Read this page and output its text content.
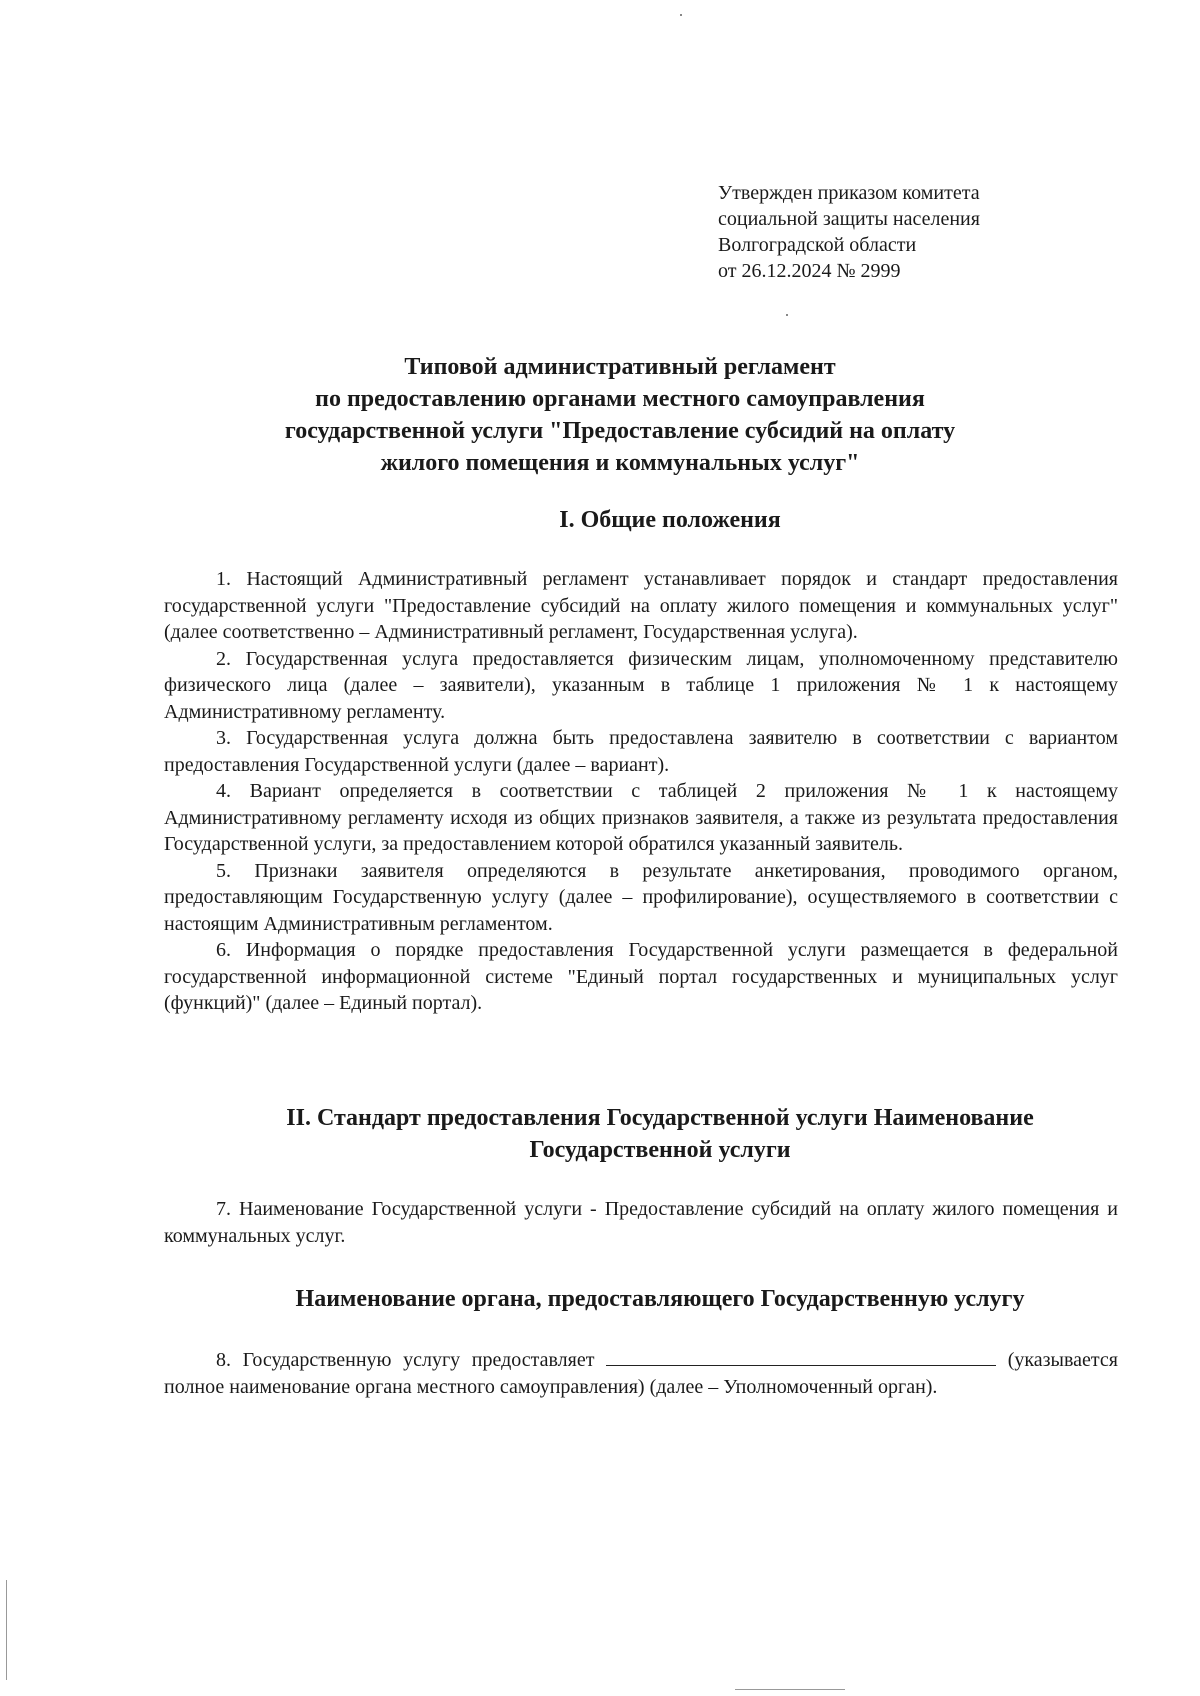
Утвержден приказом комитета
социальной защиты населения
Волгоградской области
от 26.12.2024 № 2999
Типовой административный регламент
по предоставлению органами местного самоуправления
государственной услуги "Предоставление субсидий на оплату
жилого помещения и коммунальных услуг"
I. Общие положения

1. Настоящий Административный регламент устанавливает порядок и стандарт предоставления государственной услуги "Предоставление субсидий на оплату жилого помещения и коммунальных услуг" (далее соответственно – Административный регламент, Государственная услуга).

2. Государственная услуга предоставляется физическим лицам, уполномоченному представителю физического лица (далее – заявители), указанным в таблице 1 приложения № 1 к настоящему Административному регламенту.

3. Государственная услуга должна быть предоставлена заявителю в соответствии с вариантом предоставления Государственной услуги (далее – вариант).

4. Вариант определяется в соответствии с таблицей 2 приложения № 1 к настоящему Административному регламенту исходя из общих признаков заявителя, а также из результата предоставления Государственной услуги, за предоставлением которой обратился указанный заявитель.

5. Признаки заявителя определяются в результате анкетирования, проводимого органом, предоставляющим Государственную услугу (далее – профилирование), осуществляемого в соответствии с настоящим Административным регламентом.

6. Информация о порядке предоставления Государственной услуги размещается в федеральной государственной информационной системе "Единый портал государственных и муниципальных услуг (функций)" (далее – Единый портал).

II. Стандарт предоставления Государственной услуги Наименование
Государственной услуги

7. Наименование Государственной услуги - Предоставление субсидий на оплату жилого помещения и коммунальных услуг.

Наименование органа, предоставляющего Государственную услугу

8. Государственную услугу предоставляет	(указывается полное наименование органа местного самоуправления) (далее – Уполномоченный орган).
